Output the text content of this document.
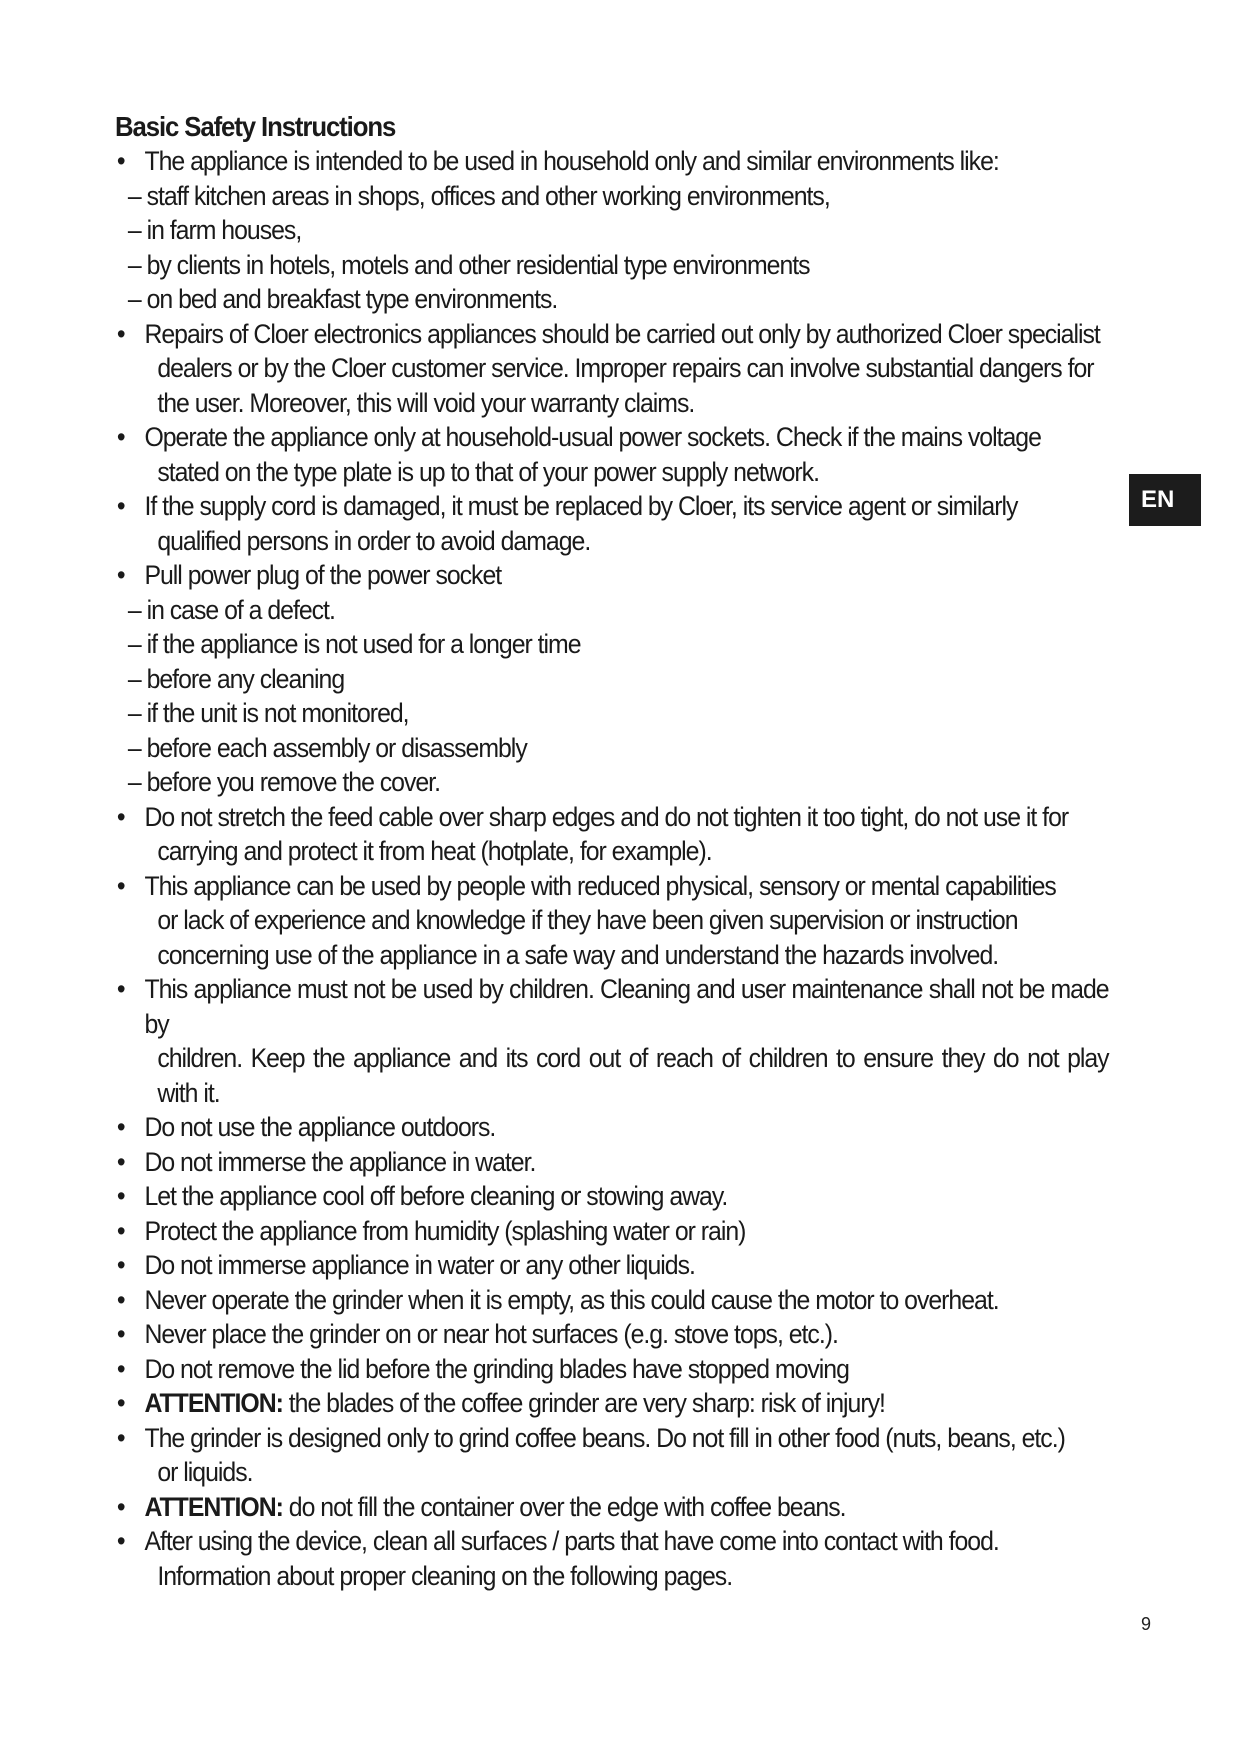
Basic Safety Instructions
• The appliance is intended to be used in household only and similar environments like:
– staff kitchen areas in shops, offices and other working environments,
– in farm houses,
– by clients in hotels, motels and other residential type environments
– on bed and breakfast type environments.
• Repairs of Cloer electronics appliances should be carried out only by authorized Cloer specialist
dealers or by the Cloer customer service. Improper repairs can involve substantial dangers for
the user. Moreover, this will void your warranty claims.
• Operate the appliance only at household-usual power sockets. Check if the mains voltage
stated on the type plate is up to that of your power supply network.
• If the supply cord is damaged, it must be replaced by Cloer, its service agent or similarly
qualified persons in order to avoid damage.
• Pull power plug of the power socket
– in case of a defect.
– if the appliance is not used for a longer time
– before any cleaning
– if the unit is not monitored,
– before each assembly or disassembly
– before you remove the cover.
• Do not stretch the feed cable over sharp edges and do not tighten it too tight, do not use it for
carrying and protect it from heat (hotplate, for example).
• This appliance can be used by people with reduced physical, sensory or mental capabilities
or lack of experience and knowledge if they have been given supervision or instruction
concerning use of the appliance in a safe way and understand the hazards involved.
• This appliance must not be used by children. Cleaning and user maintenance shall not be made by
children. Keep the appliance and its cord out of reach of children to ensure they do not play with it.
• Do not use the appliance outdoors.
• Do not immerse the appliance in water.
• Let the appliance cool off before cleaning or stowing away.
• Protect the appliance from humidity (splashing water or rain)
• Do not immerse appliance in water or any other liquids.
• Never operate the grinder when it is empty, as this could cause the motor to overheat.
• Never place the grinder on or near hot surfaces (e.g. stove tops, etc.).
• Do not remove the lid before the grinding blades have stopped moving
• ATTENTION: the blades of the coffee grinder are very sharp: risk of injury!
• The grinder is designed only to grind coffee beans. Do not fill in other food (nuts, beans, etc.)
or liquids.
• ATTENTION: do not fill the container over the edge with coffee beans.
• After using the device, clean all surfaces / parts that have come into contact with food.
Information about proper cleaning on the following pages.
EN
9
